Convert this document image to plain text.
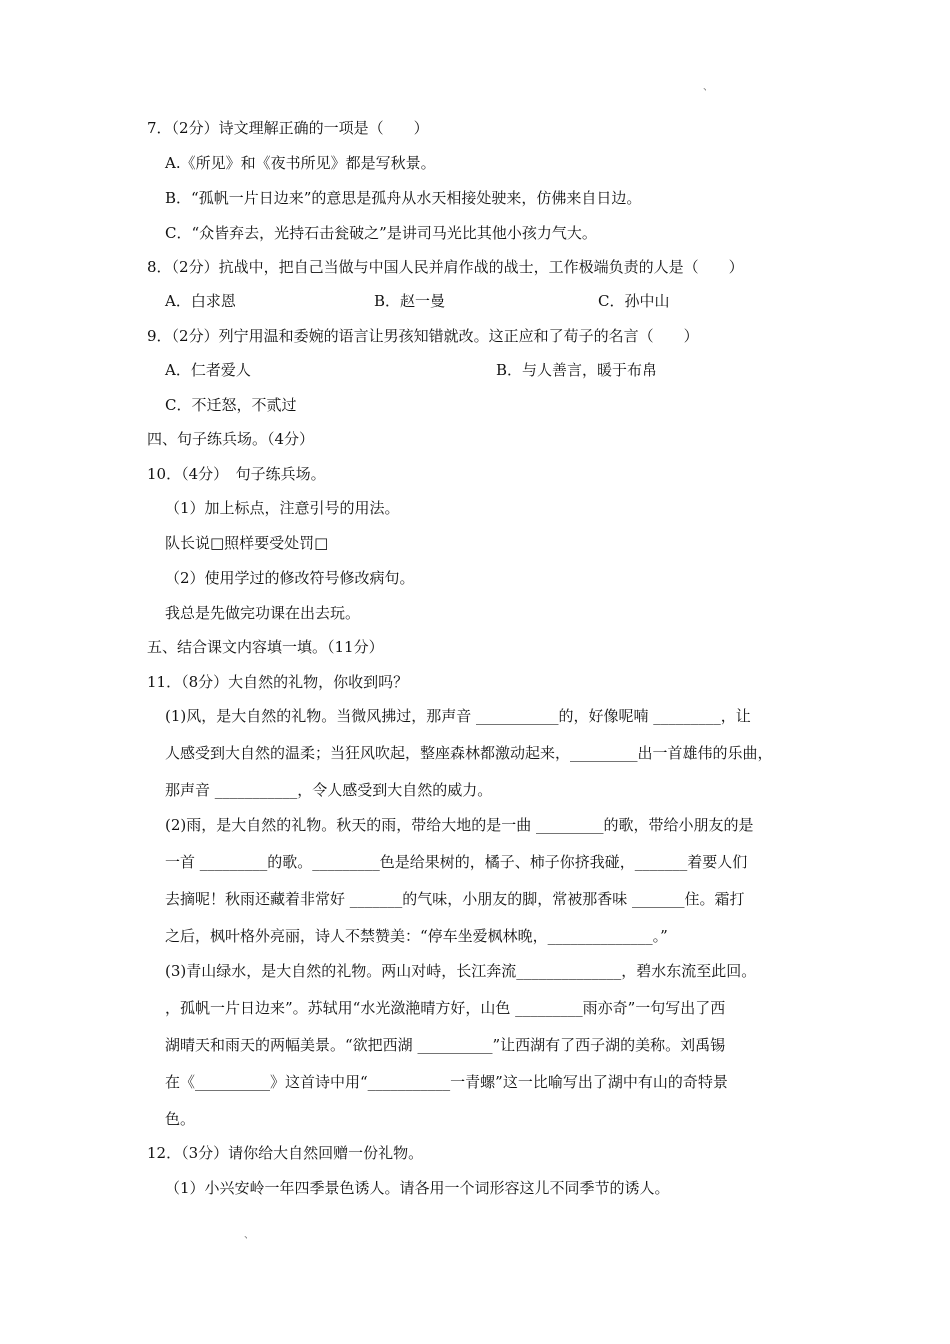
、
7．（2分）诗文理解正确的一项是（　　）
A.《所见》和《夜书所见》都是写秋景。
B．“孤帆一片日边来”的意思是孤舟从水天相接处驶来，仿佛来自日边。
C．“众皆弃去，光持石击瓮破之”是讲司马光比其他小孩力气大。
8．（2分）抗战中，把自己当做与中国人民并肩作战的战士，工作极端负责的人是（　　）
A．白求恩	B．赵一曼	C．孙中山
9．（2分）列宁用温和委婉的语言让男孩知错就改。这正应和了荀子的名言（　　）
A．仁者爱人	B．与人善言，暖于布帛
C．不迁怒，不贰过
四、句子练兵场。（4分）
10．（4分）　句子练兵场。
（1）加上标点，注意引号的用法。
队长说□照样要受处罚□
（2）使用学过的修改符号修改病句。
我总是先做完功课在出去玩。
五、结合课文内容填一填。（11分）
11．（8分）大自然的礼物，你收到吗？
(1)风，是大自然的礼物。当微风拂过，那声音 ___________的，好像呢喃 _________，让
人感受到大自然的温柔；当狂风吹起，整座森林都激动起来，_________出一首雄伟的乐曲，
那声音 ___________，令人感受到大自然的威力。
(2)雨，是大自然的礼物。秋天的雨，带给大地的是一曲 _________的歌，带给小朋友的是
一首 _________的歌。_________色是给果树的，橘子、柿子你挤我碰，_______着要人们
去摘呢！秋雨还藏着非常好 _______的气味，小朋友的脚，常被那香味 _______住。霜打
之后，枫叶格外亮丽，诗人不禁赞美：“停车坐爱枫林晚，______________。”
(3)青山绿水，是大自然的礼物。两山对峙，长江奔流______________，碧水东流至此回。
，孤帆一片日边来”。苏轼用“水光潋滟晴方好，山色 _________雨亦奇”一句写出了西
湖晴天和雨天的两幅美景。“欲把西湖 __________”让西湖有了西子湖的美称。刘禹锡
在《__________》这首诗中用“___________一青螺”这一比喻写出了湖中有山的奇特景
色。
12．（3分）请你给大自然回赠一份礼物。
（1）小兴安岭一年四季景色诱人。请各用一个词形容这儿不同季节的诱人。
、
